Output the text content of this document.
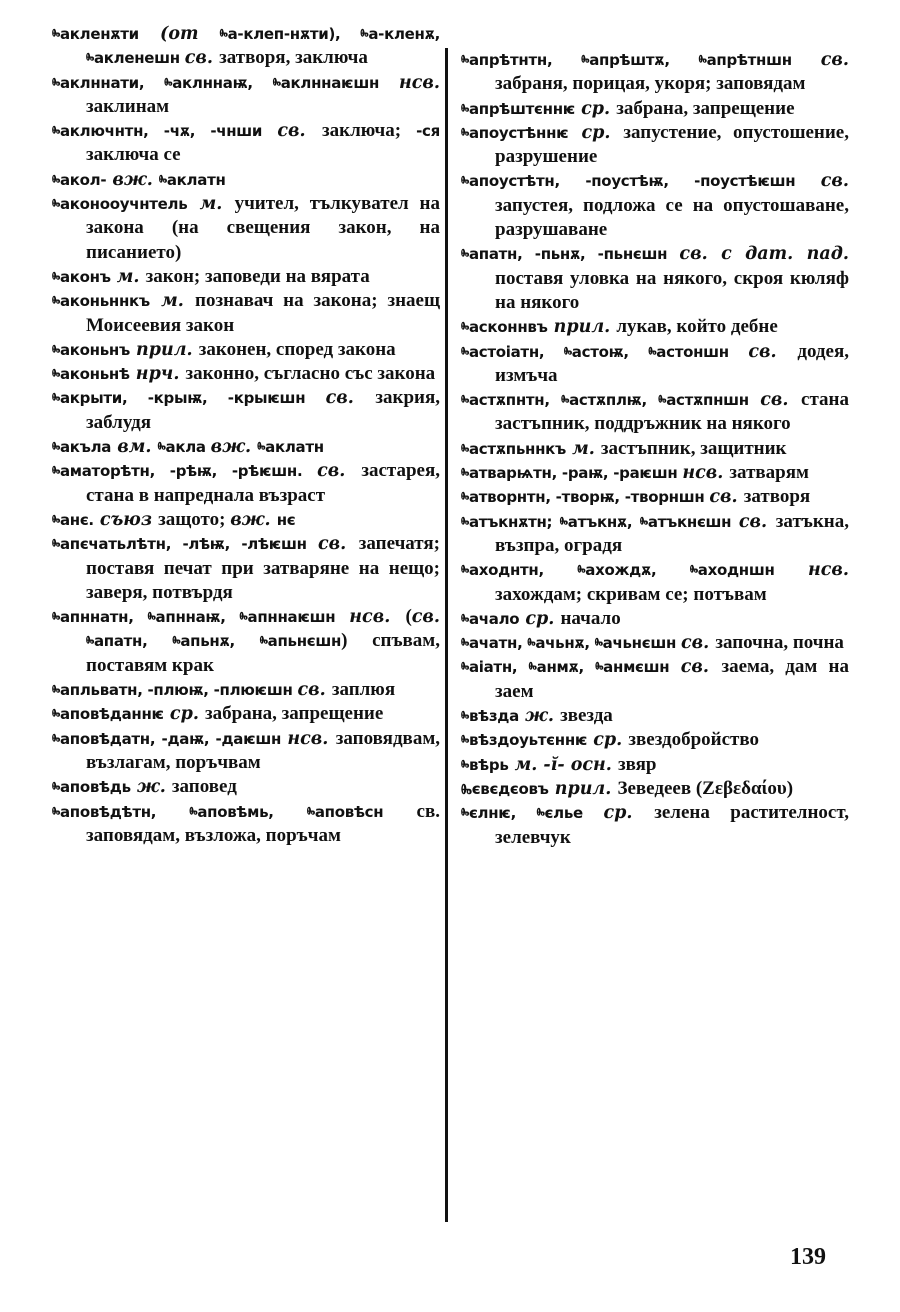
ⰸакленѫти (от ⰸа-клеп-нѫти), ⰸа-кленѫ, ⰸакленешн св. затворя, заключа
ⰸаклннати, ⰸаклннаѭ, ⰸаклннаѥшн нсв. заклинам
ⰸаключнтн, -чѫ, -чнши св. заключа; -ся заключа се
ⰸакол- вж. ⰸаклатн
ⰸаконооучнтель м. учител, тълкувател на закона (на свещения закон, на писанието)
ⰸаконъ м. закон; заповеди на вярата
ⰸаконьннкъ м. познавач на закона; знаещ Моисеевия закон
ⰸаконьнъ прил. законен, според закона
ⰸаконьнѣ нрч. законно, съгласно със закона
ⰸакрыти, -крыѭ, -крыѥшн св. закрия, заблудя
ⰸакъла вм. ⰸакла вж. ⰸаклатн
ⰸаматорѣтн, -рѣѭ, -рѣѥшн. св. застарея, стана в напреднала възраст
ⰸанє. съюз защото; вж. нє
ⰸапєчатьлѣтн, -лѣѭ, -лѣѥшн св. запечатя; поставя печат при затваряне на нещо; заверя, потвърдя
ⰸапннатн, ⰸапннаѭ, ⰸапннаѥшн нсв. (св. ⰸапатн, ⰸапьнѫ, ⰸапьнєшн) спъвам, поставям крак
ⰸапльватн, -плюѭ, -плюѥшн св. заплюя
ⰸаповѣданнѥ ср. забрана, запрещение
ⰸаповѣдатн, -даѭ, -даѥшн нсв. заповядвам, възлагам, поръчвам
ⰸаповѣдь ж. заповед
ⰸаповѣдѣтн, ⰸаповѣмь, ⰸаповѣсн св. заповядам, възложа, поръчам
ⰸапрѣтнтн, ⰸапрѣштѫ, ⰸапрѣтншн св. забраня, порицая, укоря; заповядам
ⰸапрѣштєннѥ ср. забрана, запрещение
ⰸапоустѣннѥ ср. запустение, опустошение, разрушение
ⰸапоустѣтн, -поустѣѭ, -поустѣѥшн св. запустея, подложа се на опустошаване, разрушаване
ⰸапатн, -пьнѫ, -пьнєшн св. с дат. пад. поставя уловка на някого, скроя кюляф на някого
ⰸасконнвъ прил. лукав, който дебне
ⰸастоіатн, ⰸастоѭ, ⰸастоншн св. додея, измъча
ⰸастѫпнтн, ⰸастѫплѭ, ⰸастѫпншн св. стана застъпник, поддръжник на някого
ⰸастѫпьннкъ м. застъпник, защитник
ⰸатварѩтн, -раѭ, -раѥшн нсв. затварям
ⰸатворнтн, -творѭ, -творншн св. затворя
ⰸатъкнѫтн; ⰸатъкнѫ, ⰸатъкнєшн св. затъкна, възпра, оградя
ⰸаходнтн, ⰸахождѫ, ⰸаходншн нсв. захождам; скривам се; потъвам
ⰸачало ср. начало
ⰸачатн, ⰸачьнѫ, ⰸачьнєшн св. започна, почна
ⰸаіатн, ⰸанмѫ, ⰸанмєшн св. заема, дам на заем
ⰸвѣзда ж. звезда
ⰸвѣздоуьтєннѥ ср. звездобройство
ⰸвѣрь м. -ĭ- осн. звяр
Ⰸєвєдєовъ прил. Зеведеев (Ζεβεδαίου)
ⰸєлнѥ, ⰸєлье ср. зелена растителност, зелевчук
139
